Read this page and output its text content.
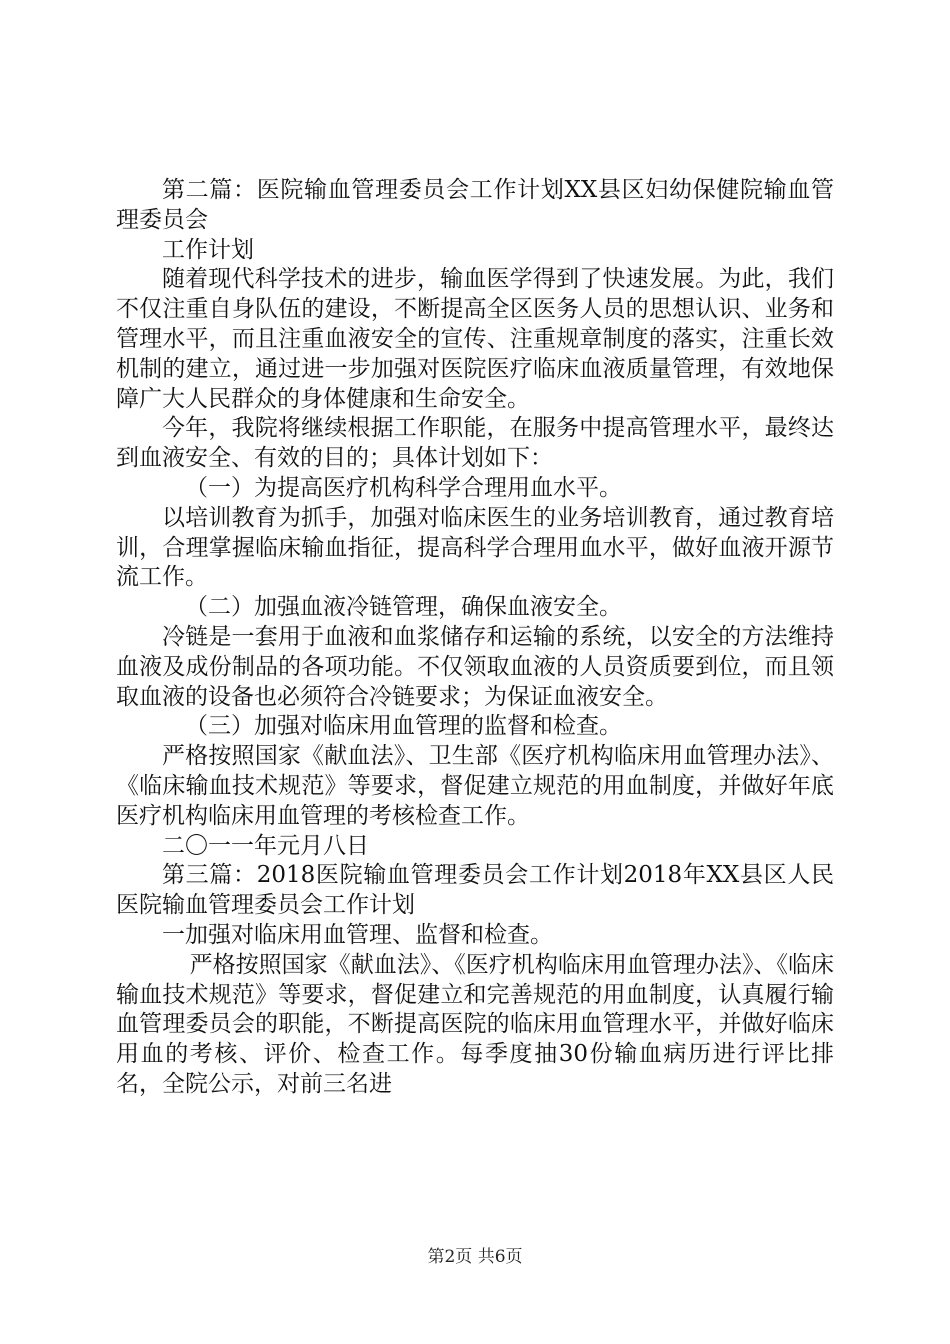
第二篇：医院输血管理委员会工作计划XX县区妇幼保健院输血管理委员会

工作计划

随着现代科学技术的进步，输血医学得到了快速发展。为此，我们不仅注重自身队伍的建设，不断提高全区医务人员的思想认识、业务和管理水平，而且注重血液安全的宣传、注重规章制度的落实，注重长效机制的建立，通过进一步加强对医院医疗临床血液质量管理，有效地保障广大人民群众的身体健康和生命安全。

今年，我院将继续根据工作职能，在服务中提高管理水平，最终达到血液安全、有效的目的；具体计划如下：

（一）为提高医疗机构科学合理用血水平。

以培训教育为抓手，加强对临床医生的业务培训教育，通过教育培训，合理掌握临床输血指征，提高科学合理用血水平，做好血液开源节流工作。

（二）加强血液冷链管理，确保血液安全。

冷链是一套用于血液和血浆储存和运输的系统，以安全的方法维持血液及成份制品的各项功能。不仅领取血液的人员资质要到位，而且领取血液的设备也必须符合冷链要求；为保证血液安全。

（三）加强对临床用血管理的监督和检查。

严格按照国家《献血法》、卫生部《医疗机构临床用血管理办法》、《临床输血技术规范》等要求，督促建立规范的用血制度，并做好年底医疗机构临床用血管理的考核检查工作。

二〇一一年元月八日

第三篇：2018医院输血管理委员会工作计划2018年XX县区人民医院输血管理委员会工作计划

一加强对临床用血管理、监督和检查。

严格按照国家《献血法》、《医疗机构临床用血管理办法》、《临床输血技术规范》等要求，督促建立和完善规范的用血制度，认真履行输血管理委员会的职能，不断提高医院的临床用血管理水平，并做好临床用血的考核、评价、检查工作。每季度抽30份输血病历进行评比排名，全院公示，对前三名进

第2页 共6页
